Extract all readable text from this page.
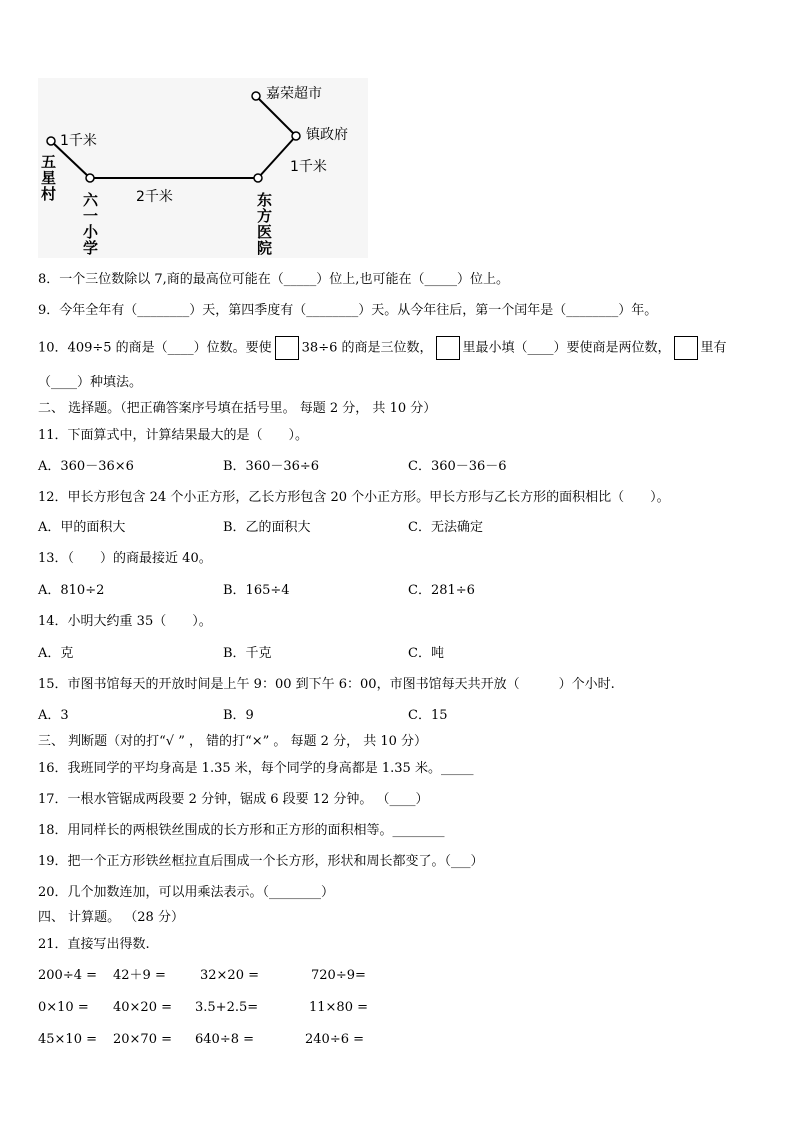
嘉荣超市
镇政府
1千米
1千米
2千米
五星村
六一小学	东方医院
8．一个三位数除以 7,商的最高位可能在（_____）位上,也可能在（_____）位上。
9．今年全年有（________）天，第四季度有（________）天。从今年往后，第一个闰年是（________）年。
10．409÷5 的商是（____）位数。要使 38÷6 的商是三位数， 里最小填（____）要使商是两位数， 里有
（____）种填法。
二、 选择题。（把正确答案序号填在括号里。 每题 2 分， 共 10 分）
11．下面算式中，计算结果最大的是（　　）。
A．360－36×6	B．360－36÷6	C．360－36－6
12．甲长方形包含 24 个小正方形，乙长方形包含 20 个小正方形。甲长方形与乙长方形的面积相比（　　）。
A．甲的面积大	B．乙的面积大	C．无法确定
13．（　　）的商最接近 40。
A．810÷2	B．165÷4	C．281÷6
14．小明大约重 35（　　）。
A．克	B．千克	C．吨
15．市图书馆每天的开放时间是上午 9：00 到下午 6：00，市图书馆每天共开放（　　　）个小时.
A．3	B．9	C．15
三、 判断题（对的打“√ ” ， 错的打“×” 。 每题 2 分， 共 10 分）
16．我班同学的平均身高是 1.35 米，每个同学的身高都是 1.35 米。_____
17．一根水管锯成两段要 2 分钟，锯成 6 段要 12 分钟。 （____）
18．用同样长的两根铁丝围成的长方形和正方形的面积相等。________
19．把一个正方形铁丝框拉直后围成一个长方形，形状和周长都变了。（___）
20．几个加数连加，可以用乘法表示。（________）
四、 计算题。 （28 分）
21．直接写出得数.
200÷4 = 42＋9 =	32×20 =	720÷9=
0×10 = 40×20 = 3.5+2.5=	11×80 =
45×10 = 20×70 = 640÷8 =	240÷6 =
